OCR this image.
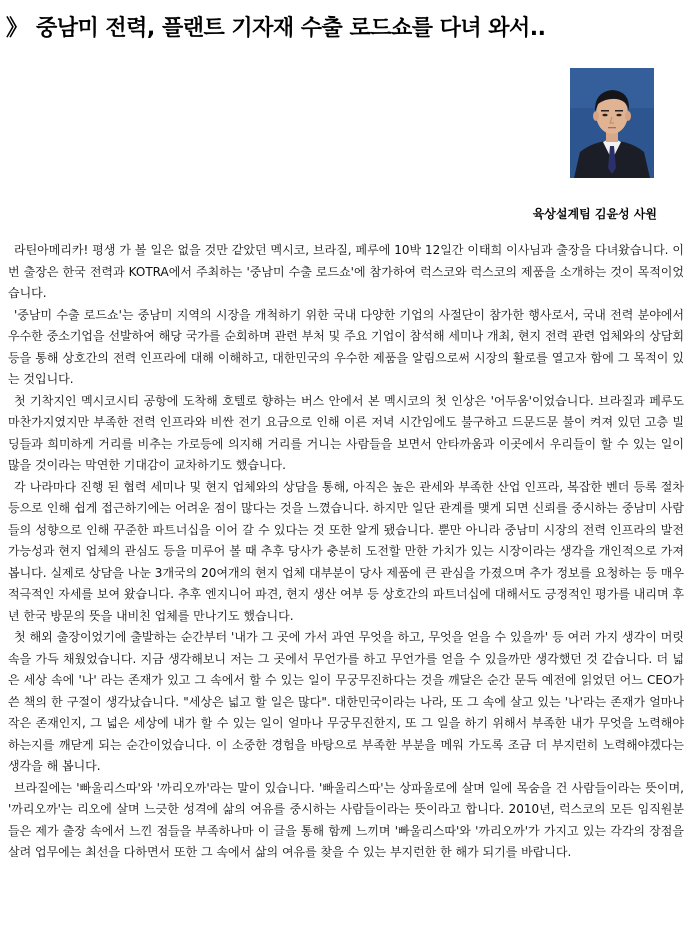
》 중남미 전력, 플랜트 기자재 수출 로드쇼를 다녀 와서..
육상설계팀 김윤성 사원

라틴아메리카! 평생 가 볼 일은 없을 것만 같았던 멕시코, 브라질, 페루에 10박 12일간 이태희 이사님과 출장을 다녀왔습니다. 이번 출장은 한국 전력과 KOTRA에서 주최하는 '중남미 수출 로드쇼'에 참가하여 럭스코와 럭스코의 제품을 소개하는 것이 목적이었습니다.

'중남미 수출 로드쇼'는 중남미 지역의 시장을 개척하기 위한 국내 다양한 기업의 사절단이 참가한 행사로서, 국내 전력 분야에서 우수한 중소기업을 선발하여 해당 국가를 순회하며 관련 부처 및 주요 기업이 참석해 세미나 개최, 현지 전력 관련 업체와의 상담회 등을 통해 상호간의 전력 인프라에 대해 이해하고, 대한민국의 우수한 제품을 알림으로써 시장의 활로를 열고자 함에 그 목적이 있는 것입니다.

첫 기착지인 멕시코시티 공항에 도착해 호텔로 향하는 버스 안에서 본 멕시코의 첫 인상은 '어두움'이었습니다. 브라질과 페루도 마찬가지였지만 부족한 전력 인프라와 비싼 전기 요금으로 인해 이른 저녁 시간임에도 불구하고 드문드문 불이 켜져 있던 고층 빌딩들과 희미하게 거리를 비추는 가로등에 의지해 거리를 거니는 사람들을 보면서 안타까움과 이곳에서 우리들이 할 수 있는 일이 많을 것이라는 막연한 기대감이 교차하기도 했습니다.

각 나라마다 진행 된 협력 세미나 및 현지 업체와의 상담을 통해, 아직은 높은 관세와 부족한 산업 인프라, 복잡한 벤더 등록 절차 등으로 인해 쉽게 접근하기에는 어려운 점이 많다는 것을 느꼈습니다. 하지만 일단 관계를 맺게 되면 신뢰를 중시하는 중남미 사람들의 성향으로 인해 꾸준한 파트너십을 이어 갈 수 있다는 것 또한 알게 됐습니다. 뿐만 아니라 중남미 시장의 전력 인프라의 발전 가능성과 현지 업체의 관심도 등을 미루어 볼 때 추후 당사가 충분히 도전할 만한 가치가 있는 시장이라는 생각을 개인적으로 가져 봅니다. 실제로 상담을 나눈 3개국의 20여개의 현지 업체 대부분이 당사 제품에 큰 관심을 가졌으며 추가 정보를 요청하는 등 매우 적극적인 자세를 보여 왔습니다. 추후 엔지니어 파견, 현지 생산 여부 등 상호간의 파트너십에 대해서도 긍정적인 평가를 내리며 후년 한국 방문의 뜻을 내비친 업체를 만나기도 했습니다.

첫 해외 출장이었기에 출발하는 순간부터 '내가 그 곳에 가서 과연 무엇을 하고, 무엇을 얻을 수 있을까' 등 여러 가지 생각이 머릿속을 가득 채웠었습니다. 지금 생각해보니 저는 그 곳에서 무언가를 하고 무언가를 얻을 수 있을까만 생각했던 것 같습니다. 더 넓은 세상 속에 '나' 라는 존재가 있고 그 속에서 할 수 있는 일이 무궁무진하다는 것을 깨달은 순간 문득 예전에 읽었던 어느 CEO가 쓴 책의 한 구절이 생각났습니다. "세상은 넓고 할 일은 많다". 대한민국이라는 나라, 또 그 속에 살고 있는 '나'라는 존재가 얼마나 작은 존재인지, 그 넓은 세상에 내가 할 수 있는 일이 얼마나 무궁무진한지, 또 그 일을 하기 위해서 부족한 내가 무엇을 노력해야 하는지를 깨닫게 되는 순간이었습니다. 이 소중한 경험을 바탕으로 부족한 부분을 메워 가도록 조금 더 부지런히 노력해야겠다는 생각을 해 봅니다.

브라질에는 '빠울리스따'와 '까리오까'라는 말이 있습니다. '빠울리스따'는 상파울로에 살며 일에 목숨을 건 사람들이라는 뜻이며, '까리오까'는 리오에 살며 느긋한 성격에 삶의 여유를 중시하는 사람들이라는 뜻이라고 합니다. 2010년, 럭스코의 모든 임직원분들은 제가 출장 속에서 느낀 점들을 부족하나마 이 글을 통해 함께 느끼며 '빠울리스따'와 '까리오까'가 가지고 있는 각각의 장점을 살려 업무에는 최선을 다하면서 또한 그 속에서 삶의 여유를 찾을 수 있는 부지런한 한 해가 되기를 바랍니다.
